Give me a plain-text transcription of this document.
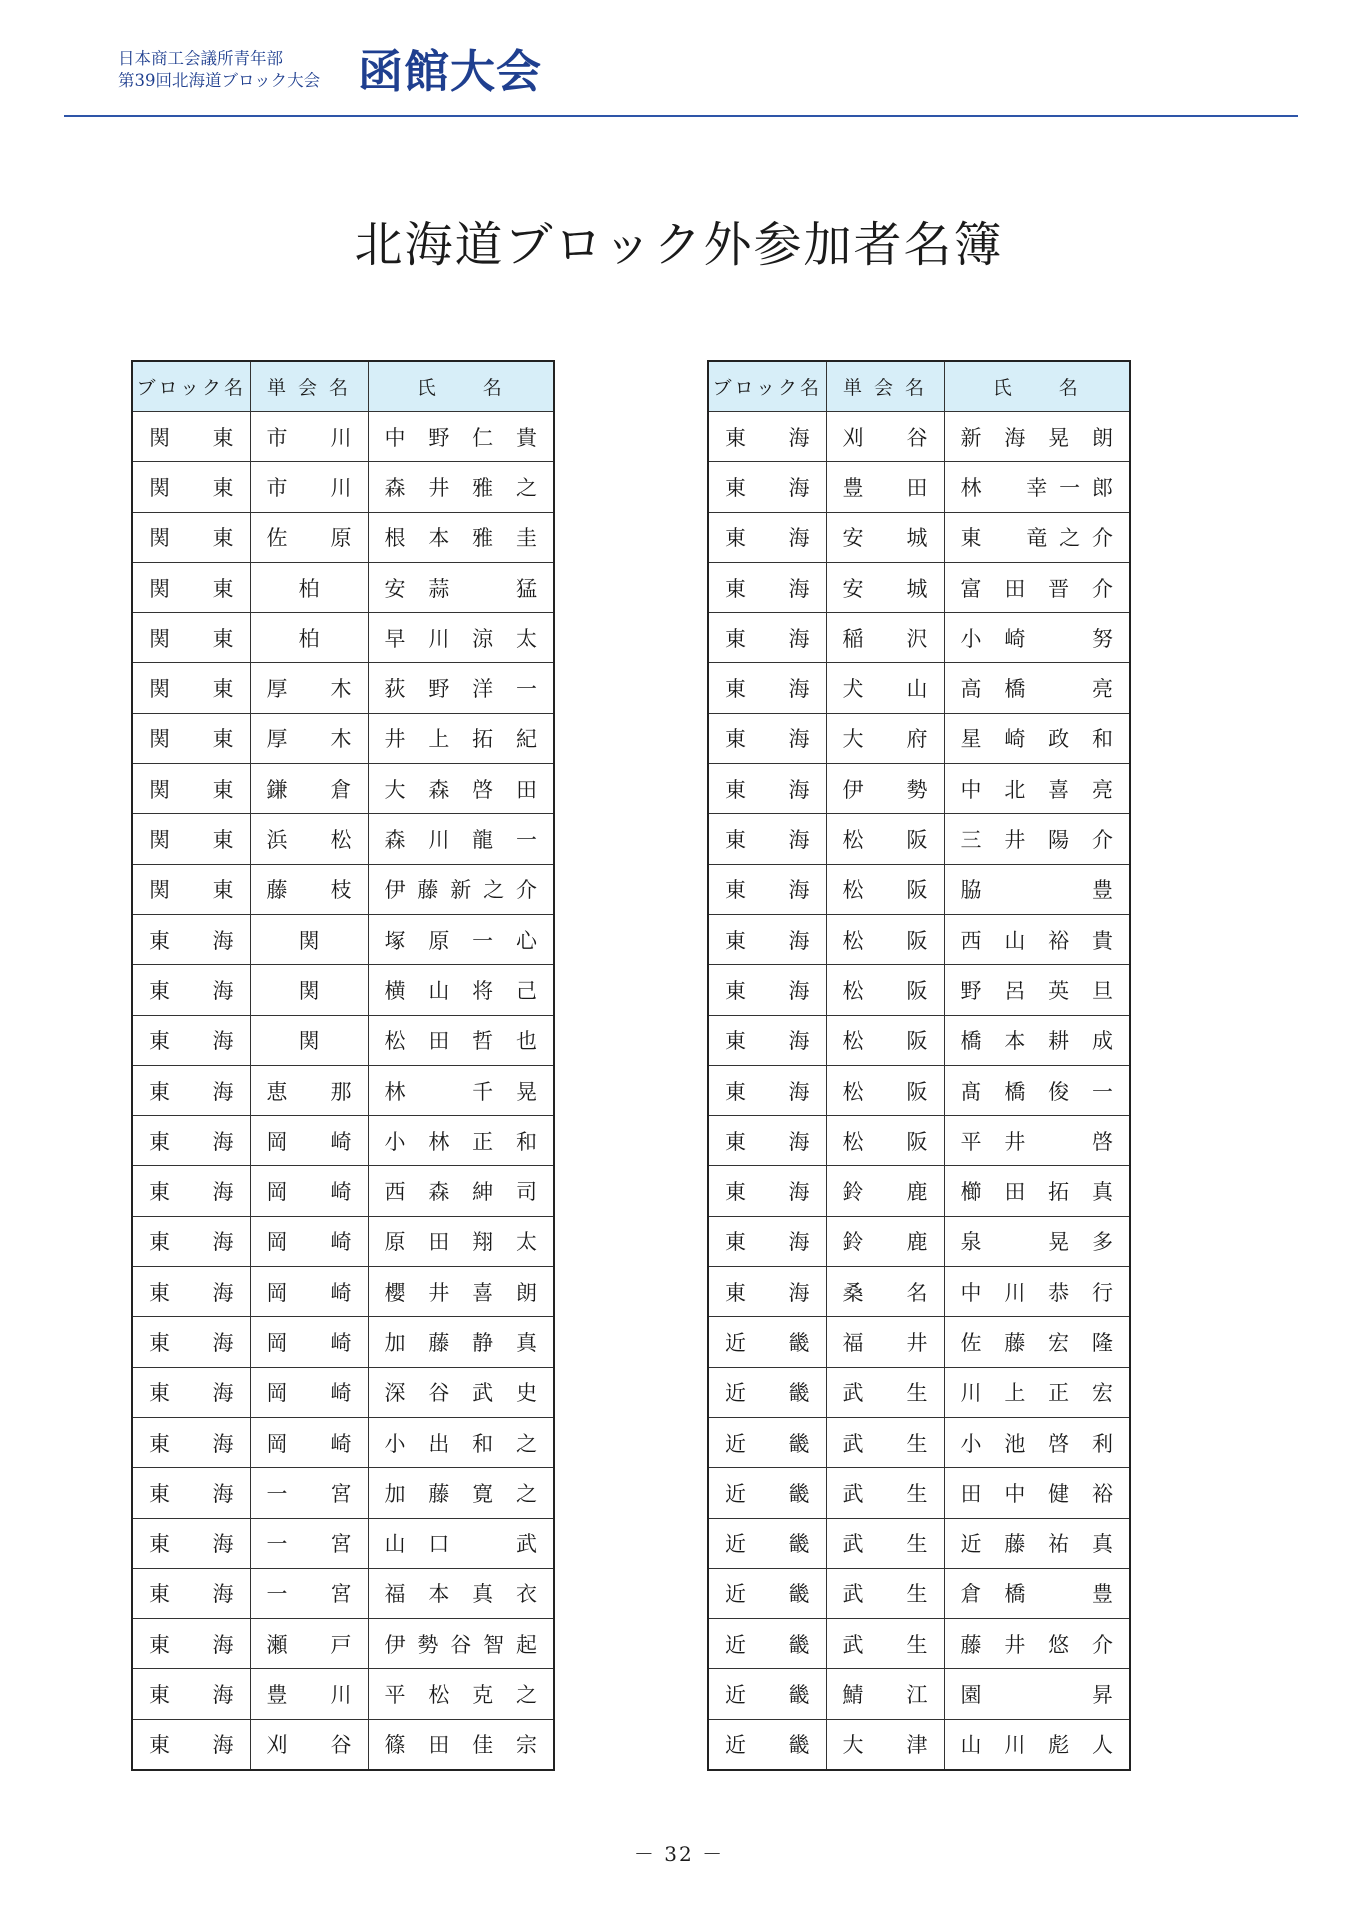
日本商工会議所青年部
第39回北海道ブロック大会 函館大会
北海道ブロック外参加者名簿
ブロック名	単 会 名	氏　　名

関東	市川	中野仁貴

関東	市川	森井雅之

関東	佐原	根本雅圭

関東	柏	安蒜　猛

関東	柏	早川涼太

関東	厚木	荻野洋一

関東	厚木	井上拓紀

関東	鎌倉	大森啓田

関東	浜松	森川龍一

関東	藤枝	伊藤新之介

東海	関	塚原一心

東海	関	横山将己

東海	関	松田哲也

東海	恵那	林　千晃

東海	岡崎	小林正和

東海	岡崎	西森紳司

東海	岡崎	原田翔太

東海	岡崎	櫻井喜朗

東海	岡崎	加藤静真

東海	岡崎	深谷武史

東海	岡崎	小出和之

東海	一宮	加藤寛之

東海	一宮	山口　武

東海	一宮	福本真衣

東海	瀬戸	伊勢谷智起

東海	豊川	平松克之

東海	刈谷	篠田佳宗
ブロック名	単 会 名	氏　　名

東海	刈谷	新海晃朗

東海	豊田	林　幸一郎

東海	安城	東　竜之介

東海	安城	富田晋介

東海	稲沢	小崎　努

東海	犬山	高橋　亮

東海	大府	星崎政和

東海	伊勢	中北喜亮

東海	松阪	三井陽介

東海	松阪	脇　豊

東海	松阪	西山裕貴

東海	松阪	野呂英旦

東海	松阪	橋本耕成

東海	松阪	髙橋俊一

東海	松阪	平井　啓

東海	鈴鹿	櫛田拓真

東海	鈴鹿	泉　晃多

東海	桑名	中川恭行

近畿	福井	佐藤宏隆

近畿	武生	川上正宏

近畿	武生	小池啓利

近畿	武生	田中健裕

近畿	武生	近藤祐真

近畿	武生	倉橋　豊

近畿	武生	藤井悠介

近畿	鯖江	園　昇

近畿	大津	山川彪人
－ 32 －
